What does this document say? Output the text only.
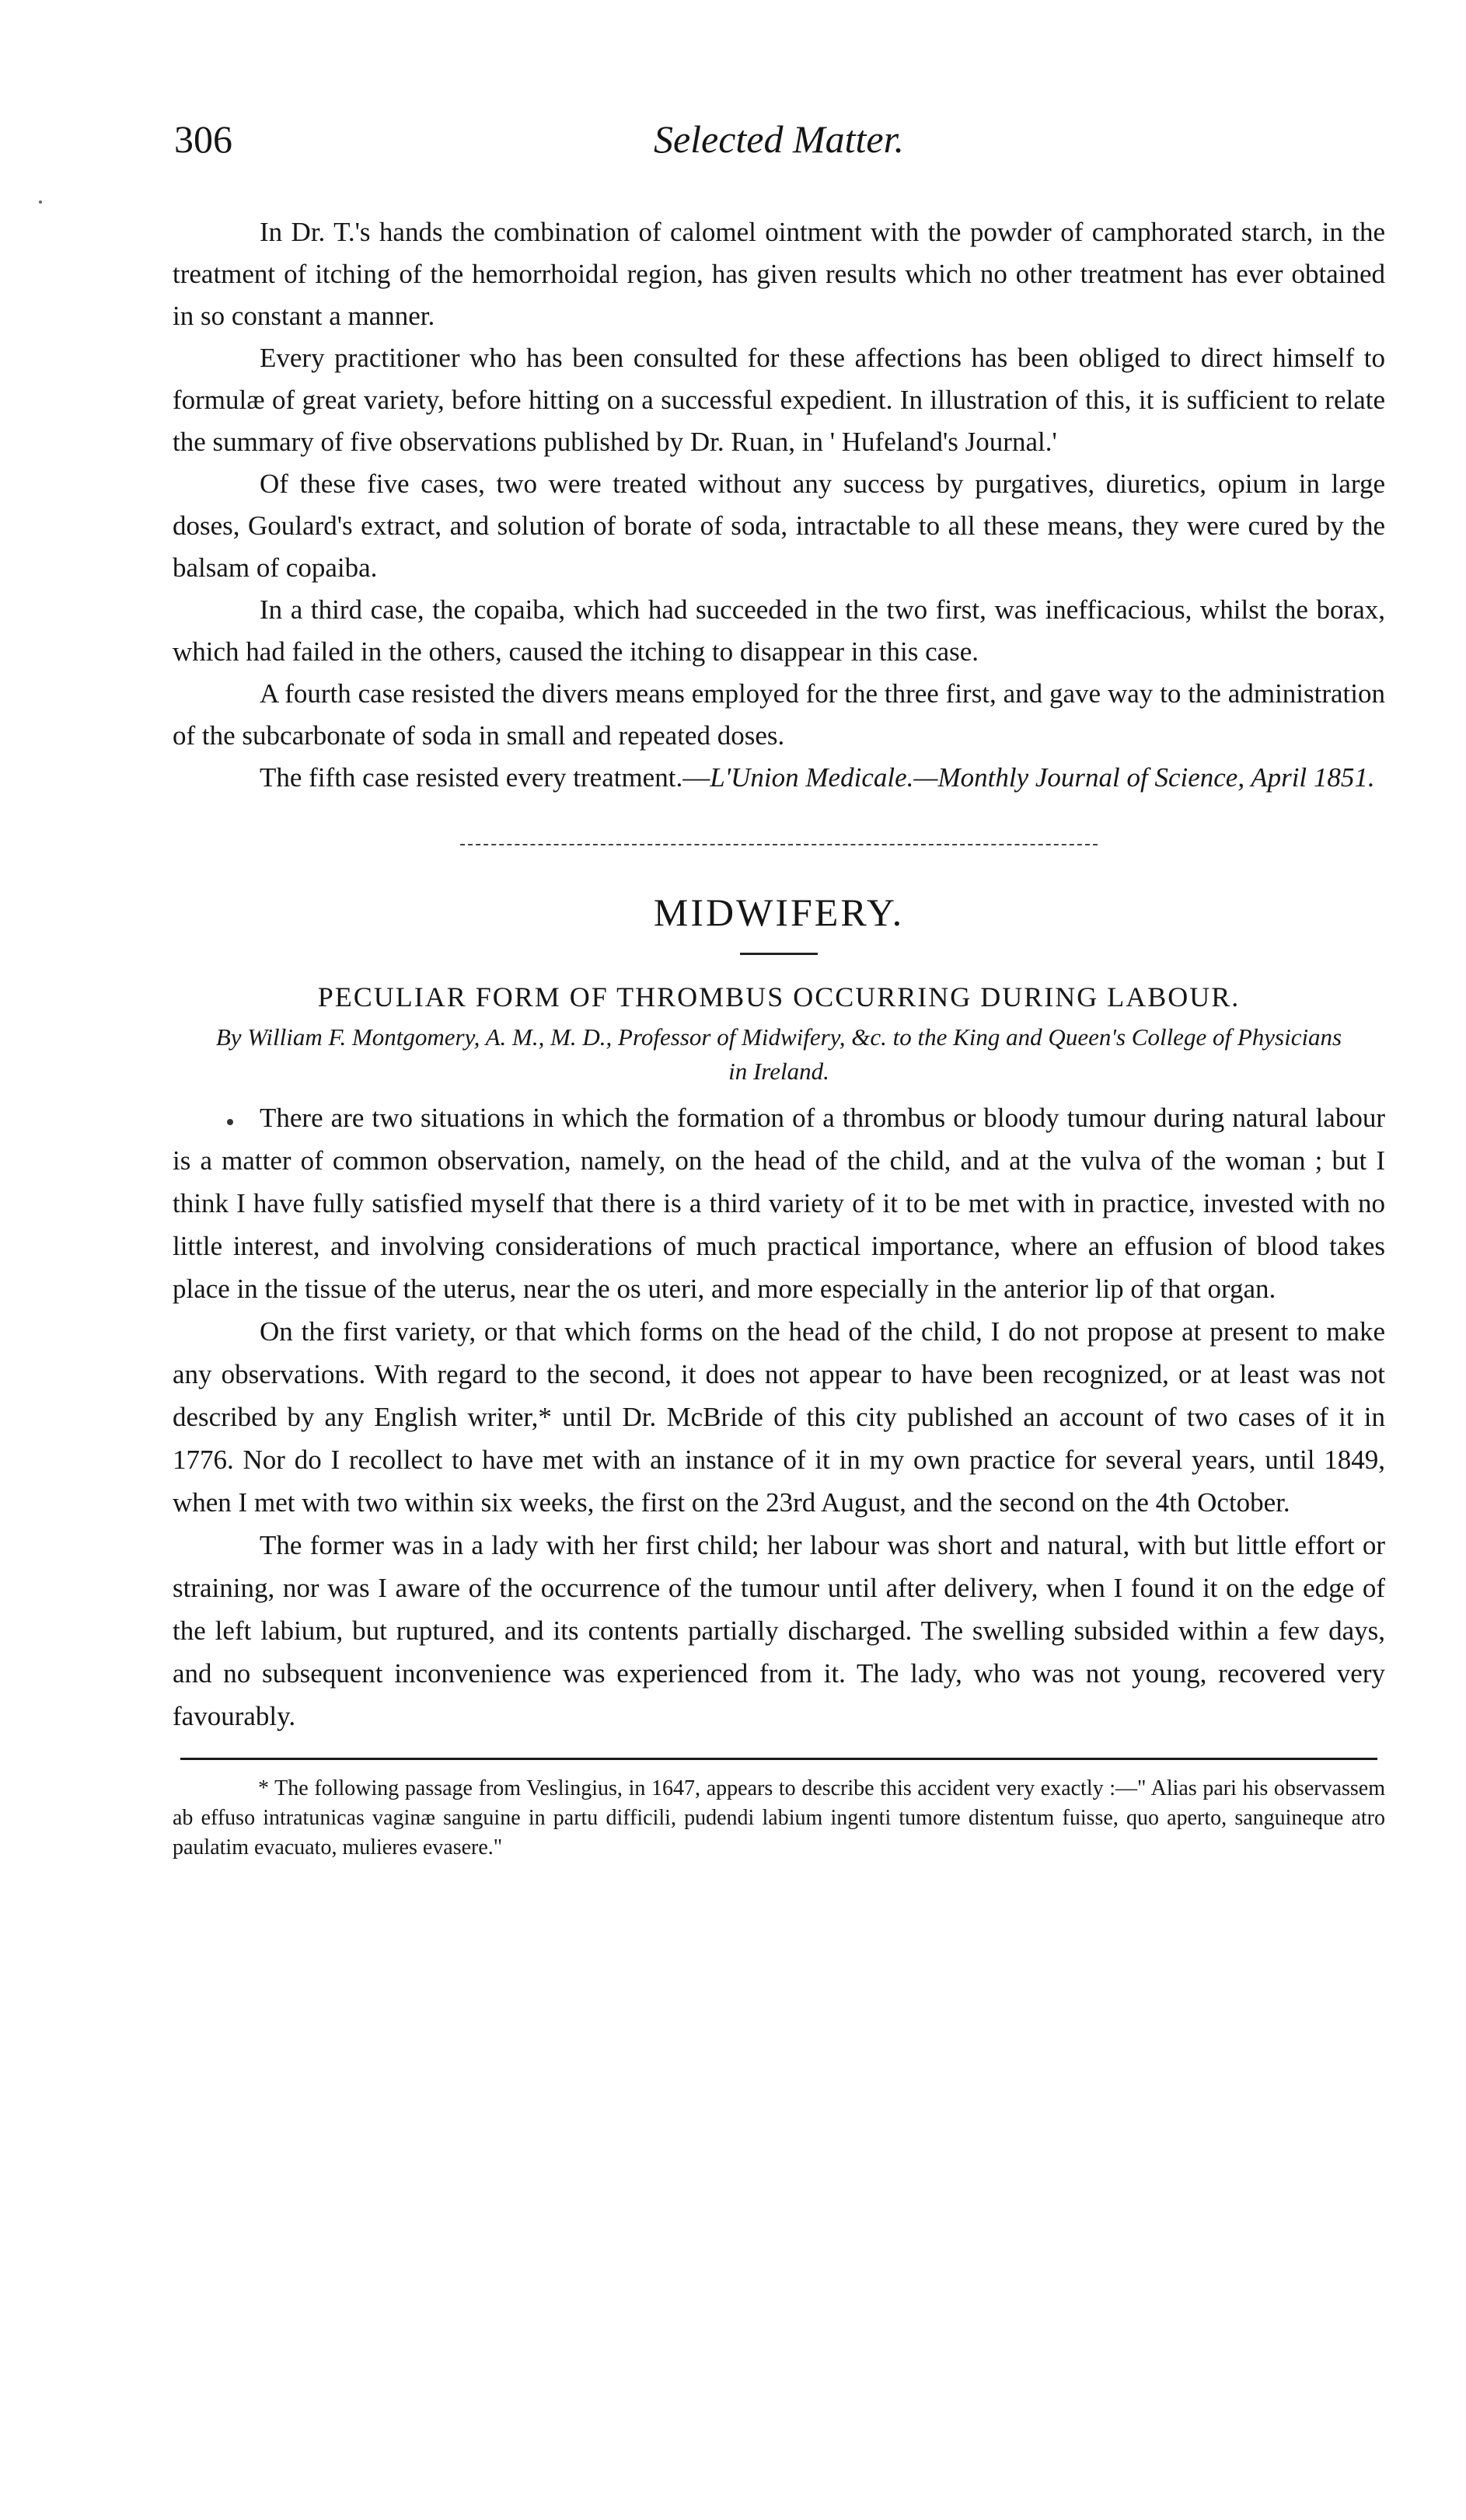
306	Selected Matter.

In Dr. T.'s hands the combination of calomel ointment with the powder of camphorated starch, in the treatment of itching of the hemorrhoidal region, has given results which no other treatment has ever obtained in so constant a manner.

Every practitioner who has been consulted for these affections has been obliged to direct himself to formulæ of great variety, before hitting on a successful expedient. In illustration of this, it is sufficient to relate the summary of five observations published by Dr. Ruan, in ' Hufeland's Journal.'

Of these five cases, two were treated without any success by purgatives, diuretics, opium in large doses, Goulard's extract, and solution of borate of soda, intractable to all these means, they were cured by the balsam of copaiba.

In a third case, the copaiba, which had succeeded in the two first, was inefficacious, whilst the borax, which had failed in the others, caused the itching to disappear in this case.

A fourth case resisted the divers means employed for the three first, and gave way to the administration of the subcarbonate of soda in small and repeated doses.

The fifth case resisted every treatment.—L'Union Medicale.—Monthly Journal of Science, April 1851.

MIDWIFERY.
PECULIAR FORM OF THROMBUS OCCURRING DURING LABOUR.
By William F. Montgomery, A. M., M. D., Professor of Midwifery, &c. to the King and Queen's College of Physicians in Ireland.

There are two situations in which the formation of a thrombus or bloody tumour during natural labour is a matter of common observation, namely, on the head of the child, and at the vulva of the woman ; but I think I have fully satisfied myself that there is a third variety of it to be met with in practice, invested with no little interest, and involving considerations of much practical importance, where an effusion of blood takes place in the tissue of the uterus, near the os uteri, and more especially in the anterior lip of that organ.

On the first variety, or that which forms on the head of the child, I do not propose at present to make any observations. With regard to the second, it does not appear to have been recognized, or at least was not described by any English writer,* until Dr. McBride of this city published an account of two cases of it in 1776. Nor do I recollect to have met with an instance of it in my own practice for several years, until 1849, when I met with two within six weeks, the first on the 23rd August, and the second on the 4th October.

The former was in a lady with her first child; her labour was short and natural, with but little effort or straining, nor was I aware of the occurrence of the tumour until after delivery, when I found it on the edge of the left labium, but ruptured, and its contents partially discharged. The swelling subsided within a few days, and no subsequent inconvenience was experienced from it. The lady, who was not young, recovered very favourably.

* The following passage from Veslingius, in 1647, appears to describe this accident very exactly :—" Alias pari his observassem ab effuso intratunicas vaginæ sanguine in partu difficili, pudendi labium ingenti tumore distentum fuisse, quo aperto, sanguineque atro paulatim evacuato, mulieres evasere."
